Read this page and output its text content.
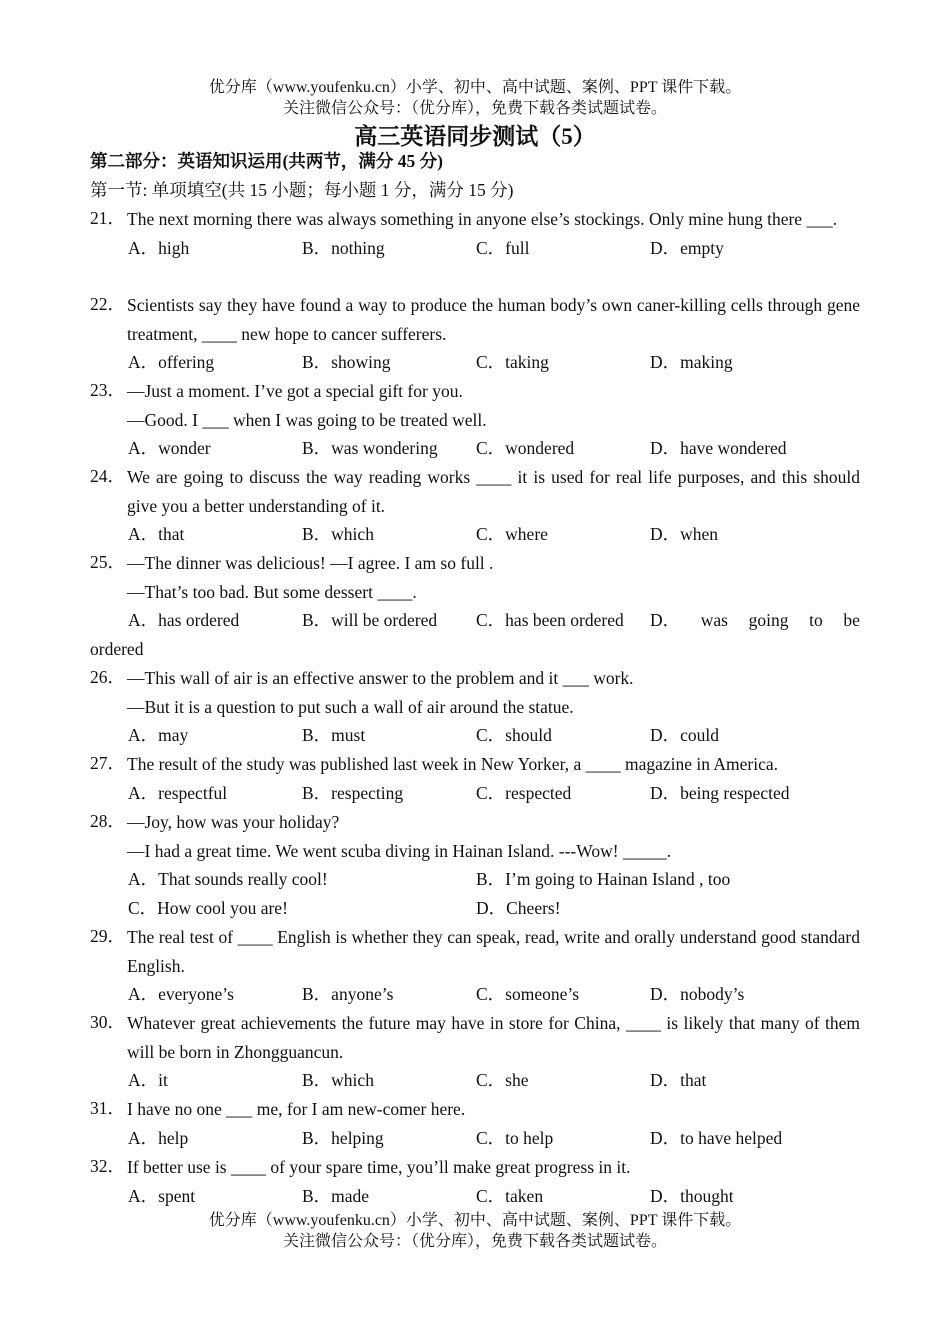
优分库（www.youfenku.cn）小学、初中、高中试题、案例、PPT 课件下载。
关注微信公众号：（优分库），免费下载各类试题试卷。
高三英语同步测试（5）
第二部分：英语知识运用(共两节，满分 45 分)
第一节: 单项填空(共 15 小题；每小题 1 分，满分 15 分)
21． The next morning there was always something in anyone else’s stockings. Only mine hung there ___.
A．high	B．nothing	C．full	D．empty
22． Scientists say they have found a way to produce the human body’s own caner-killing cells through gene treatment, ____ new hope to cancer sufferers.
A．offering	B．showing	C．taking	D．making
23． —Just a moment. I’ve got a special gift for you.
—Good. I ___ when I was going to be treated well.
A．wonder	B．was wondering C．wondered	D．have wondered
24． We are going to discuss the way reading works ____ it is used for real life purposes, and this should give you a better understanding of it.
A．that	B．which	C．where	D．when
25． —The dinner was delicious! —I agree. I am so full .
—That’s too bad. But some dessert ____.
A．has ordered	B．will be ordered C．has been ordered D． was going to be
ordered
26． —This wall of air is an effective answer to the problem and it ___ work.
—But it is a question to put such a wall of air around the statue.
A．may	B．must	C．should	D．could
27． The result of the study was published last week in New Yorker, a ____ magazine in America.
A．respectful	B．respecting	C．respected	D．being respected
28． —Joy, how was your holiday?
—I had a great time. We went scuba diving in Hainan Island. ---Wow! _____.
A．That sounds really cool!	B．I’m going to Hainan Island , too
C．How cool you are!	D．Cheers!
29． The real test of ____ English is whether they can speak, read, write and orally understand good standard English.
A．everyone’s	B．anyone’s	C．someone’s	D．nobody’s
30． Whatever great achievements the future may have in store for China, ____ is likely that many of them will be born in Zhongguancun.
A．it	B．which	C．she	D．that
31． I have no one ___ me, for I am new-comer here.
A．help	B．helping	C．to help	D．to have helped
32． If better use is ____ of your spare time, you’ll make great progress in it.
A．spent	B．made	C．taken	D．thought
优分库（www.youfenku.cn）小学、初中、高中试题、案例、PPT 课件下载。
关注微信公众号：（优分库），免费下载各类试题试卷。
